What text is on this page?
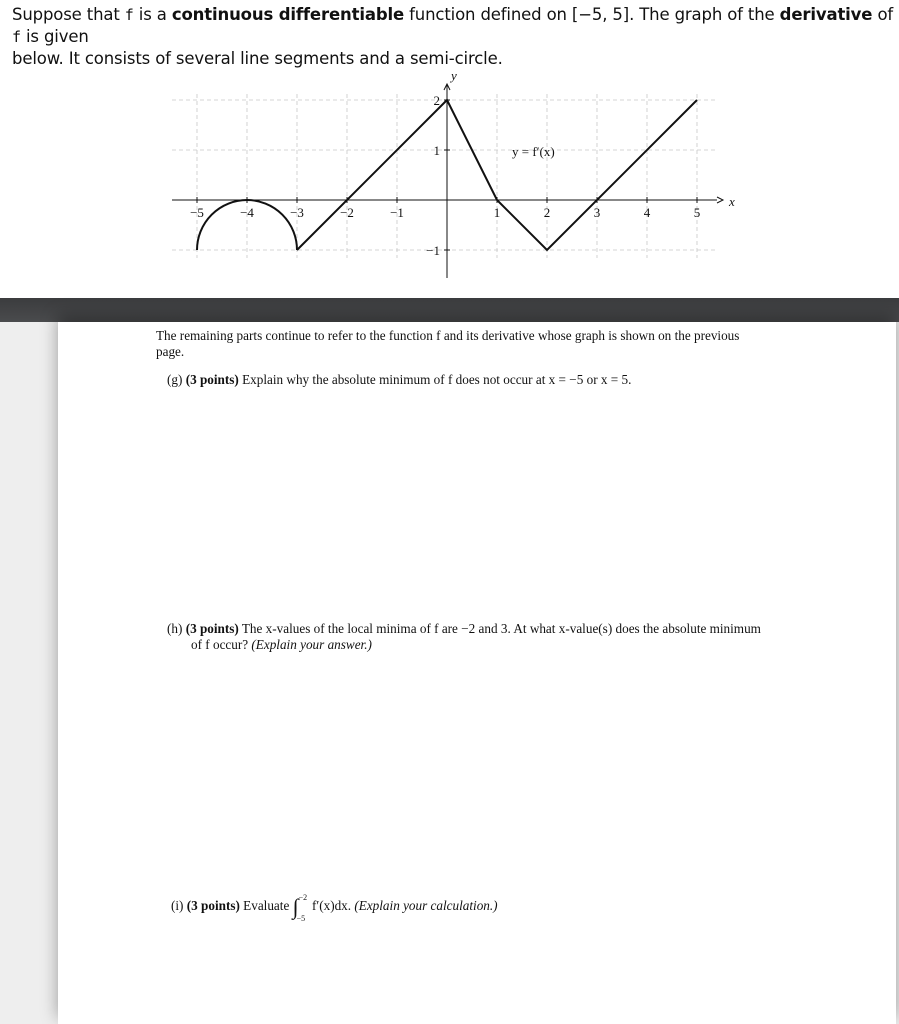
Suppose that f is a continuous differentiable function defined on [−5, 5]. The graph of the derivative of f is given
below. It consists of several line segments and a semi-circle.
x
y
−5	−4	−3	−2	−1	1	2	3	4	5
2
1
−1
y = f′(x)
The remaining parts continue to refer to the function f and its derivative whose graph is shown on the previous
page.
(g) (3 points) Explain why the absolute minimum of f does not occur at x = −5 or x = 5.
(h) (3 points) The x-values of the local minima of f are −2 and 3. At what x-value(s) does the absolute minimum
of f occur? (Explain your answer.)
(i) (3 points) Evaluate ∫ −2
−5
f′(x)dx. (Explain your calculation.)
